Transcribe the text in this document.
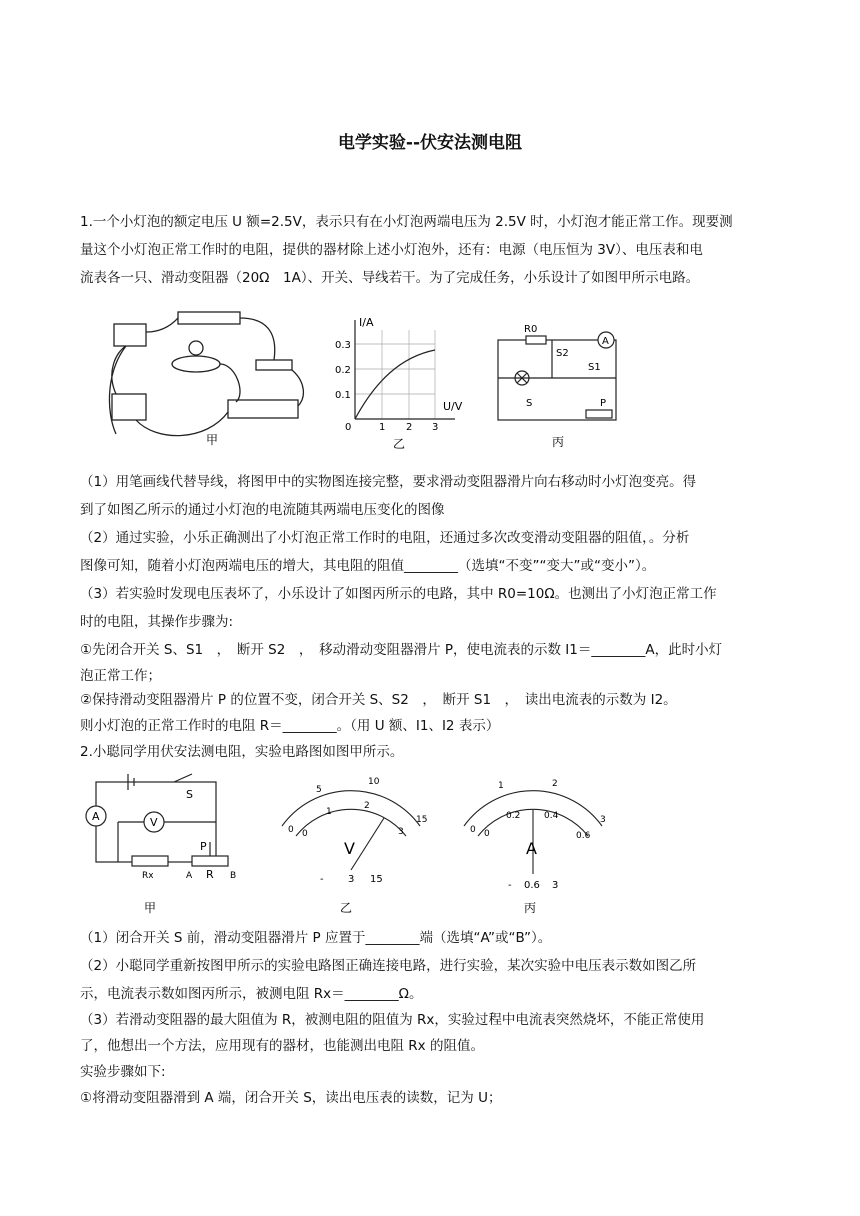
电学实验--伏安法测电阻
1.一个小灯泡的额定电压 U 额=2.5V，表示只有在小灯泡两端电压为 2.5V 时，小灯泡才能正常工作。现要测
量这个小灯泡正常工作时的电阻，提供的器材除上述小灯泡外，还有：电源（电压恒为 3V）、电压表和电
流表各一只、滑动变阻器（20Ω　1A）、开关、导线若干。为了完成任务，小乐设计了如图甲所示电路。
甲
I/A
U/V
0.3
0.2
0.1
0	1 2 3
乙
R0
A
S1
S2
S	P
丙
（1）用笔画线代替导线，将图甲中的实物图连接完整，要求滑动变阻器滑片向右移动时小灯泡变亮。得
到了如图乙所示的通过小灯泡的电流随其两端电压变化的图像
（2）通过实验，小乐正确测出了小灯泡正常工作时的电阻，还通过多次改变滑动变阻器的阻值，。分析
图像可知，随着小灯泡两端电压的增大，其电阻的阻值________（选填“不变”“变大”或“变小”）。
（3）若实验时发现电压表坏了，小乐设计了如图丙所示的电路，其中 R0=10Ω。也测出了小灯泡正常工作
时的电阻，其操作步骤为:
①先闭合开关 S、S1　，　断开 S2　，　移动滑动变阻器滑片 P，使电流表的示数 I1＝________A，此时小灯
泡正常工作；
②保持滑动变阻器滑片 P 的位置不变，闭合开关 S、S2　，　断开 S1　，　读出电流表的示数为 I2。
则小灯泡的正常工作时的电阻 R＝________。（用 U 额、I1、I2 表示）
2.小聪同学用伏安法测电阻，实验电路图如图甲所示。
A	V
S
P
Rx	R
A	B
甲
0
5
10
15
0
1
2
3
V
- 3 15
乙
0
1	2
3
0
0.2	0.4
0.6
A
- 0.6 3
丙
（1）闭合开关 S 前，滑动变阻器滑片 P 应置于________端（选填“A”或“B”）。
（2）小聪同学重新按图甲所示的实验电路图正确连接电路，进行实验，某次实验中电压表示数如图乙所
示，电流表示数如图丙所示，被测电阻 Rx＝________Ω。
（3）若滑动变阻器的最大阻值为 R，被测电阻的阻值为 Rx，实验过程中电流表突然烧坏，不能正常使用
了，他想出一个方法，应用现有的器材，也能测出电阻 Rx 的阻值。
实验步骤如下:
①将滑动变阻器滑到 A 端，闭合开关 S，读出电压表的读数，记为 U；
